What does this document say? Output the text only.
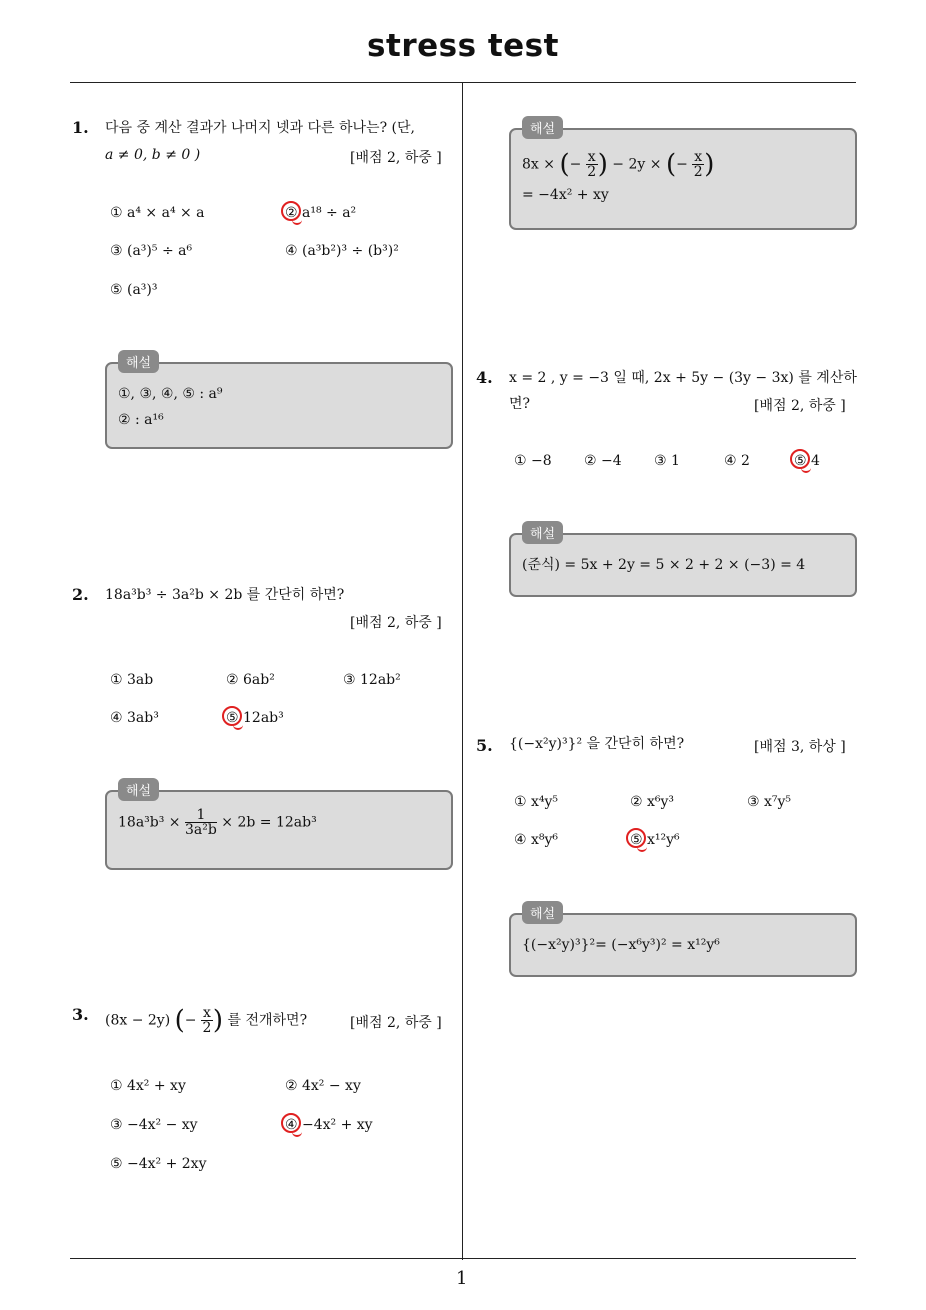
stress test
1
1. 다음 중 계산 결과가 나머지 넷과 다른 하나는? (단,
a ≠ 0, b ≠ 0 )	[배점 2, 하중 ]
① a⁴ × a⁴ × a	② a¹⁸ ÷ a²
③ (a³)⁵ ÷ a⁶	④ (a³b²)³ ÷ (b³)²
⑤ (a³)³
해설
①, ③, ④, ⑤ : a⁹
② : a¹⁶
2. 18a³b³ ÷ 3a²b × 2b 를 간단히 하면?
[배점 2, 하중 ]
① 3ab	② 6ab²	③ 12ab²
④ 3ab³	⑤ 12ab³
해설
$18a^3b^3 \times \frac{1}{\text{3a²b}} \times 2b = 12ab^3$
3. (8x − 2y) (− $\frac{x}{2}$ ) 를 전개하면?	[배점 2, 하중 ]
① 4x² + xy	② 4x² − xy
③ −4x² − xy	④ −4x² + xy
⑤ −4x² + 2xy
해설
8x × (− $\frac{x}{2}$ ) − 2y × (− $\frac{x}{2}$ )
= −4x² + xy
4. x = 2 , y = −3 일 때, 2x + 5y − (3y − 3x) 를 계산하
면?	[배점 2, 하중 ]
① −8 ② −4 ③ 1	④ 2	⑤ 4
해설
(준식) = 5x + 2y = 5 × 2 + 2 × (−3) = 4
5. {(−x²y)³}² 을 간단히 하면?	[배점 3, 하상 ]
① x⁴y⁵	② x⁶y³	③ x⁷y⁵
④ x⁸y⁶	⑤ x¹²y⁶
해설
{(−x²y)³}²= (−x⁶y³)² = x¹²y⁶
